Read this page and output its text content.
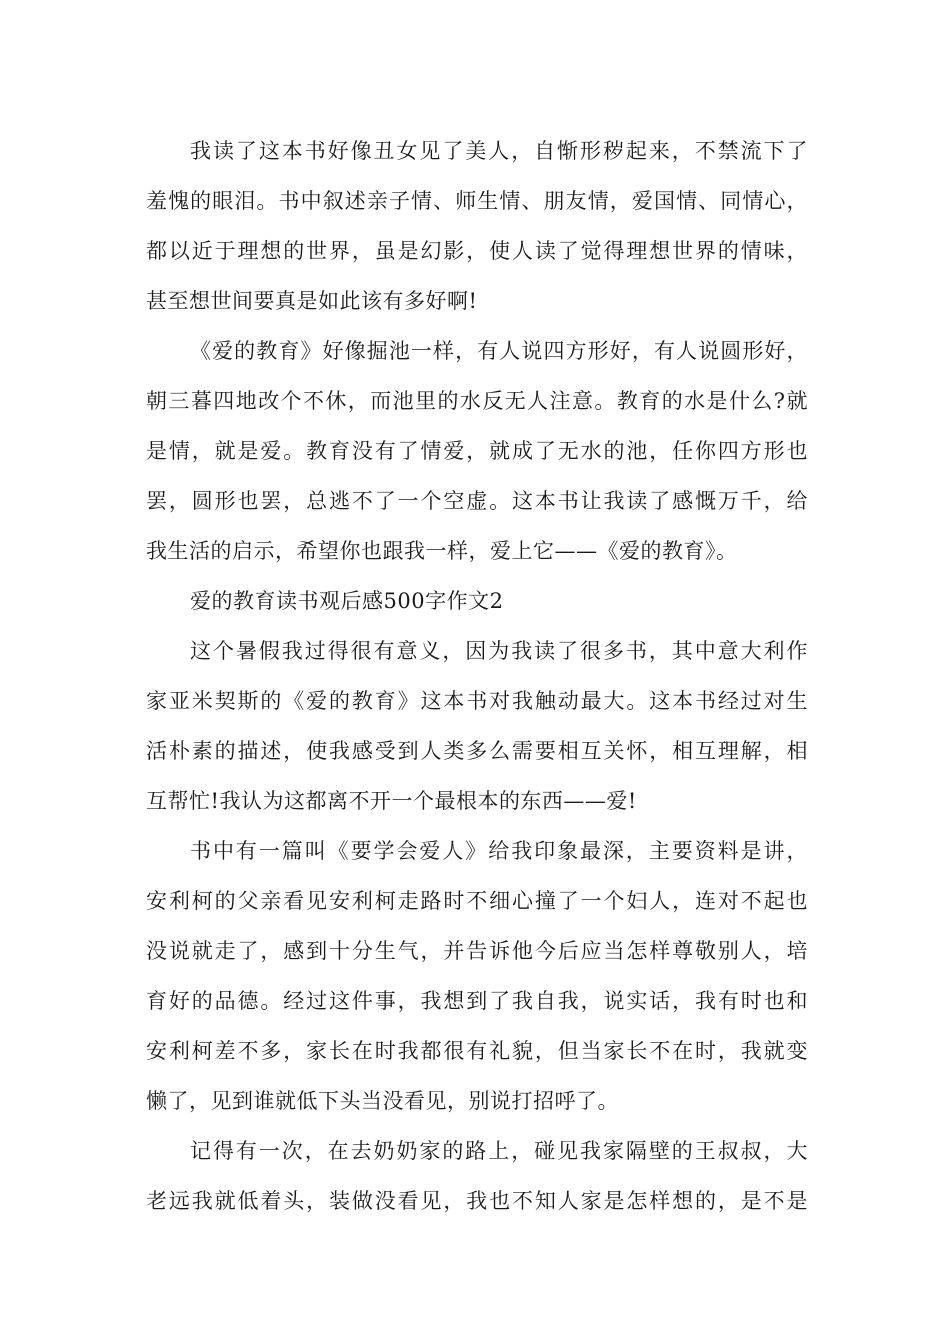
我读了这本书好像丑女见了美人，自惭形秽起来，不禁流下了
羞愧的眼泪。书中叙述亲子情、师生情、朋友情，爱国情、同情心，
都以近于理想的世界，虽是幻影，使人读了觉得理想世界的情味，
甚至想世间要真是如此该有多好啊!
《爱的教育》好像掘池一样，有人说四方形好，有人说圆形好，
朝三暮四地改个不休，而池里的水反无人注意。教育的水是什么?就
是情，就是爱。教育没有了情爱，就成了无水的池，任你四方形也
罢，圆形也罢，总逃不了一个空虚。这本书让我读了感慨万千，给
我生活的启示，希望你也跟我一样，爱上它——《爱的教育》。
爱的教育读书观后感500字作文2
这个暑假我过得很有意义，因为我读了很多书，其中意大利作
家亚米契斯的《爱的教育》这本书对我触动最大。这本书经过对生
活朴素的描述，使我感受到人类多么需要相互关怀，相互理解，相
互帮忙!我认为这都离不开一个最根本的东西——爱!
书中有一篇叫《要学会爱人》给我印象最深，主要资料是讲，
安利柯的父亲看见安利柯走路时不细心撞了一个妇人，连对不起也
没说就走了，感到十分生气，并告诉他今后应当怎样尊敬别人，培
育好的品德。经过这件事，我想到了我自我，说实话，我有时也和
安利柯差不多，家长在时我都很有礼貌，但当家长不在时，我就变
懒了，见到谁就低下头当没看见，别说打招呼了。
记得有一次，在去奶奶家的路上，碰见我家隔壁的王叔叔，大
老远我就低着头，装做没看见，我也不知人家是怎样想的，是不是
